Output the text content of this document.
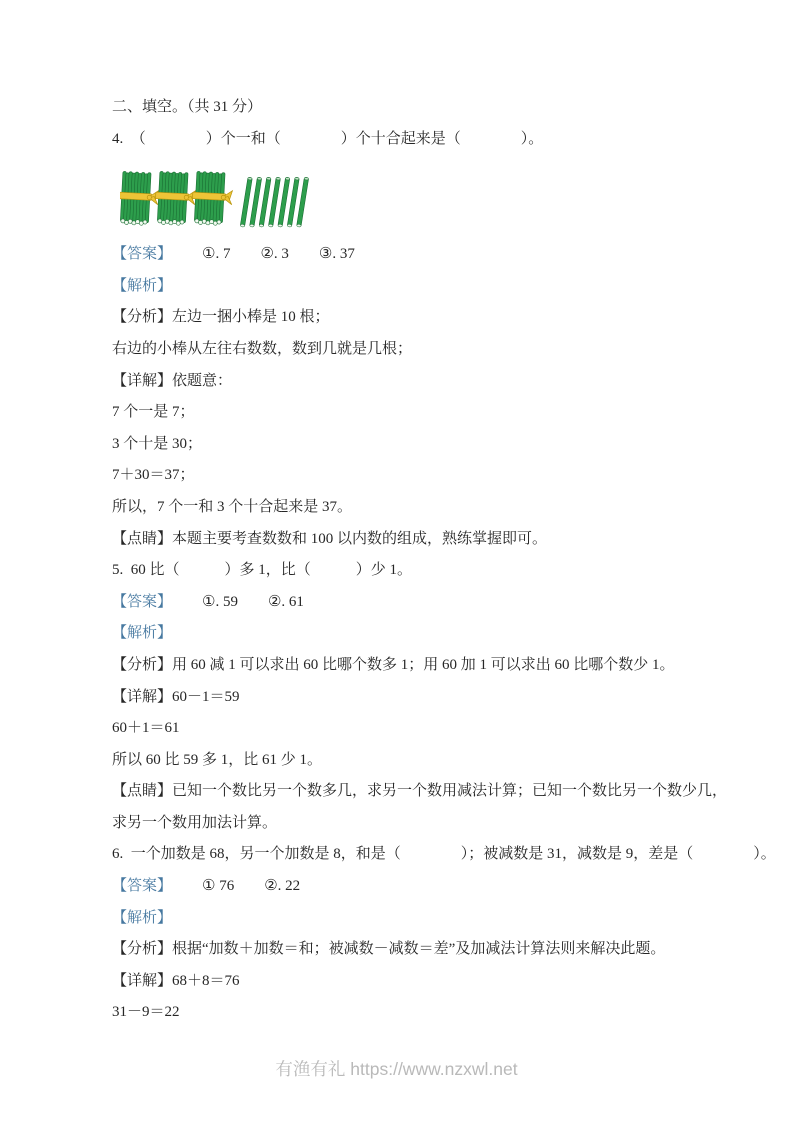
二、填空。（共 31 分）

4.  （　　　　）个一和（　　　　）个十合起来是（　　　　）。

【答案】 ①. 7 ②. 3 ③. 37

【解析】

【分析】左边一捆小棒是 10 根；

右边的小棒从左往右数数，数到几就是几根；

【详解】依题意：

7 个一是 7；

3 个十是 30；

7＋30＝37；

所以，7 个一和 3 个十合起来是 37。

【点睛】本题主要考查数数和 100 以内数的组成，熟练掌握即可。

5.  60 比（　　　）多 1，比（　　　）少 1。

【答案】 ①. 59 ②. 61

【解析】

【分析】用 60 减 1 可以求出 60 比哪个数多 1；用 60 加 1 可以求出 60 比哪个数少 1。

【详解】60－1＝59

60＋1＝61

所以 60 比 59 多 1，比 61 少 1。

【点睛】已知一个数比另一个数多几，求另一个数用减法计算；已知一个数比另一个数少几，

求另一个数用加法计算。

6.  一个加数是 68，另一个加数是 8，和是（　　　　）；被减数是 31，减数是 9，差是（　　　　）。

【答案】 ① 76 ②. 22

【解析】

【分析】根据“加数＋加数＝和；被减数－减数＝差”及加减法计算法则来解决此题。

【详解】68＋8＝76

31－9＝22

有渔有礼 https://www.nzxwl.net
